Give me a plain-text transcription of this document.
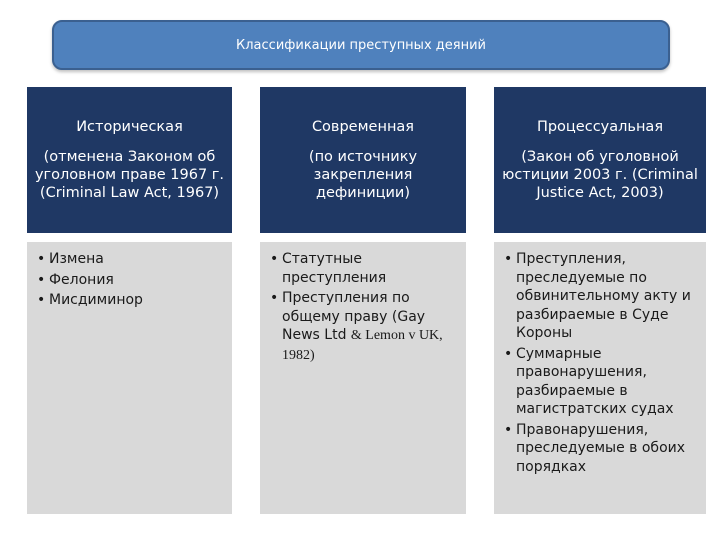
Классификации преступных деяний
Историческая
(отменена Законом об уголовном праве 1967 г. (Criminal Law Act, 1967)
• Измена
• Фелония
• Мисдиминор
Современная
(по источнику закрепления дефиниции)
• Статутные преступления
• Преступления по общему праву (Gay News Ltd & Lemon v UK, 1982)
Процессуальная
(Закон об уголовной юстиции 2003 г. (Criminal Justice Act, 2003)
• Преступления, преследуемые по обвинительному акту и разбираемые в Суде Короны
• Суммарные правонарушения, разбираемые в магистратских судах
• Правонарушения, преследуемые в обоих порядках
